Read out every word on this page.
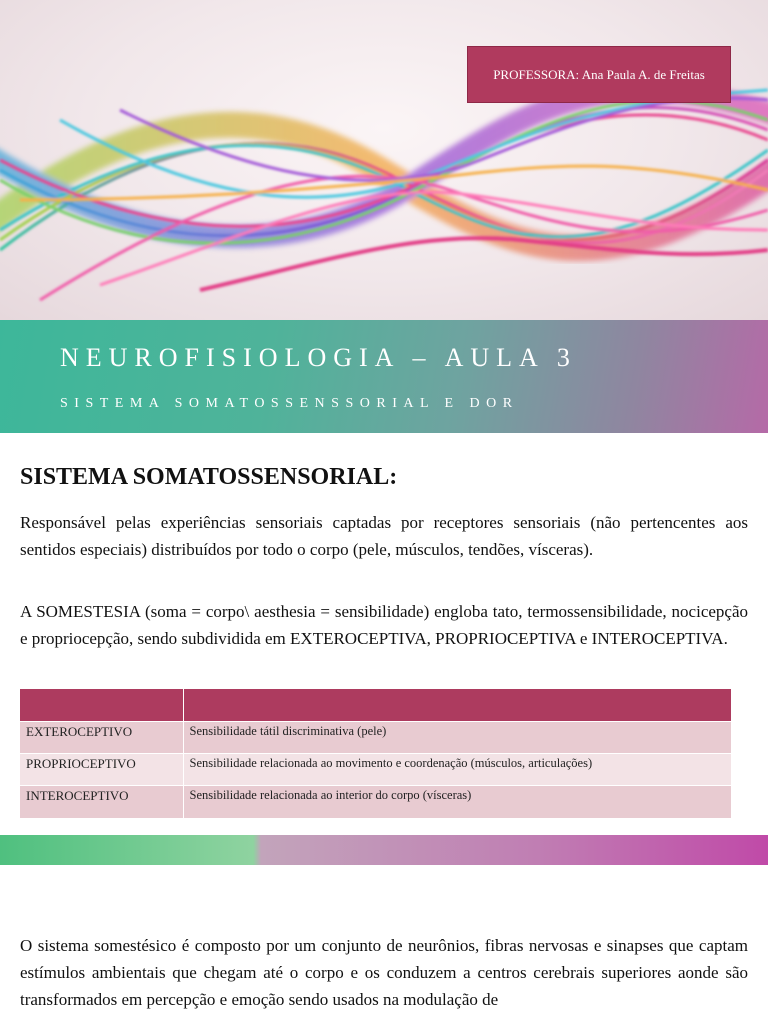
PROFESSORA: Ana Paula A. de Freitas
NEUROFISIOLOGIA – AULA 3
SISTEMA SOMATOSSENSSORIAL E DOR
SISTEMA SOMATOSSENSORIAL:

Responsável pelas experiências sensoriais captadas por receptores sensoriais (não pertencentes aos sentidos especiais) distribuídos por todo o corpo (pele, músculos, tendões, vísceras).

A SOMESTESIA (soma = corpo\ aesthesia = sensibilidade) engloba tato, termossensibilidade, nocicepção e propriocepção, sendo subdividida em EXTEROCEPTIVA, PROPRIOCEPTIVA e INTEROCEPTIVA.

EXTEROCEPTIVO	Sensibilidade tátil discriminativa (pele)
PROPRIOCEPTIVO	Sensibilidade relacionada ao movimento e coordenação (músculos, articulações)
INTEROCEPTIVO	Sensibilidade relacionada ao interior do corpo (vísceras)

O sistema somestésico é composto por um conjunto de neurônios, fibras nervosas e sinapses que captam estímulos ambientais que chegam até o corpo e os conduzem a centros cerebrais superiores aonde são transformados em percepção e emoção sendo usados na modulação de
